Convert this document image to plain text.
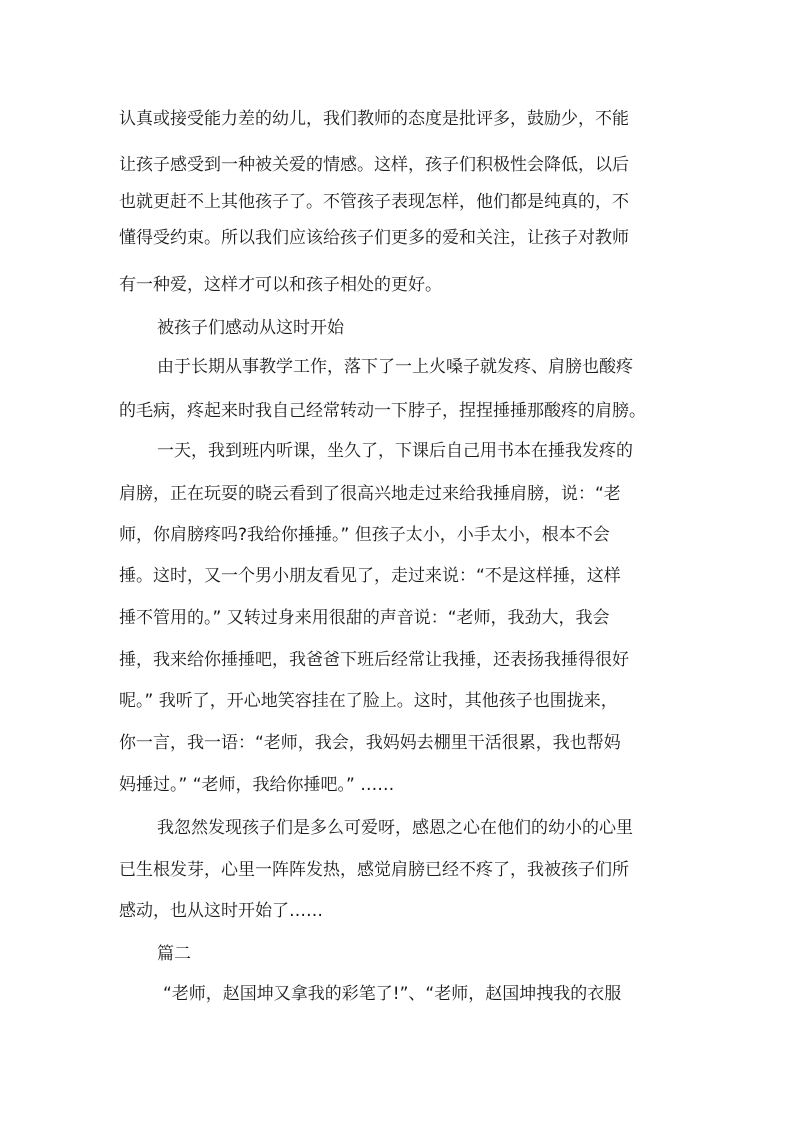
认真或接受能力差的幼儿，我们教师的态度是批评多，鼓励少，不能
让孩子感受到一种被关爱的情感。这样，孩子们积极性会降低，以后
也就更赶不上其他孩子了。不管孩子表现怎样，他们都是纯真的，不
懂得受约束。所以我们应该给孩子们更多的爱和关注，让孩子对教师
有一种爱，这样才可以和孩子相处的更好。
被孩子们感动从这时开始
由于长期从事教学工作，落下了一上火嗓子就发疼、肩膀也酸疼
的毛病，疼起来时我自己经常转动一下脖子，捏捏捶捶那酸疼的肩膀。
一天，我到班内听课，坐久了，下课后自己用书本在捶我发疼的
肩膀，正在玩耍的晓云看到了很高兴地走过来给我捶肩膀，说：“老
师，你肩膀疼吗?我给你捶捶。” 但孩子太小，小手太小，根本不会
捶。这时，又一个男小朋友看见了，走过来说：“不是这样捶，这样
捶不管用的。” 又转过身来用很甜的声音说：“老师，我劲大，我会
捶，我来给你捶捶吧，我爸爸下班后经常让我捶，还表扬我捶得很好
呢。” 我听了，开心地笑容挂在了脸上。这时，其他孩子也围拢来，
你一言，我一语：“老师，我会，我妈妈去棚里干活很累，我也帮妈
妈捶过。” “老师，我给你捶吧。” ……
我忽然发现孩子们是多么可爱呀，感恩之心在他们的幼小的心里
已生根发芽，心里一阵阵发热，感觉肩膀已经不疼了，我被孩子们所
感动，也从这时开始了……
篇二
“老师，赵国坤又拿我的彩笔了!”、“老师，赵国坤拽我的衣服
